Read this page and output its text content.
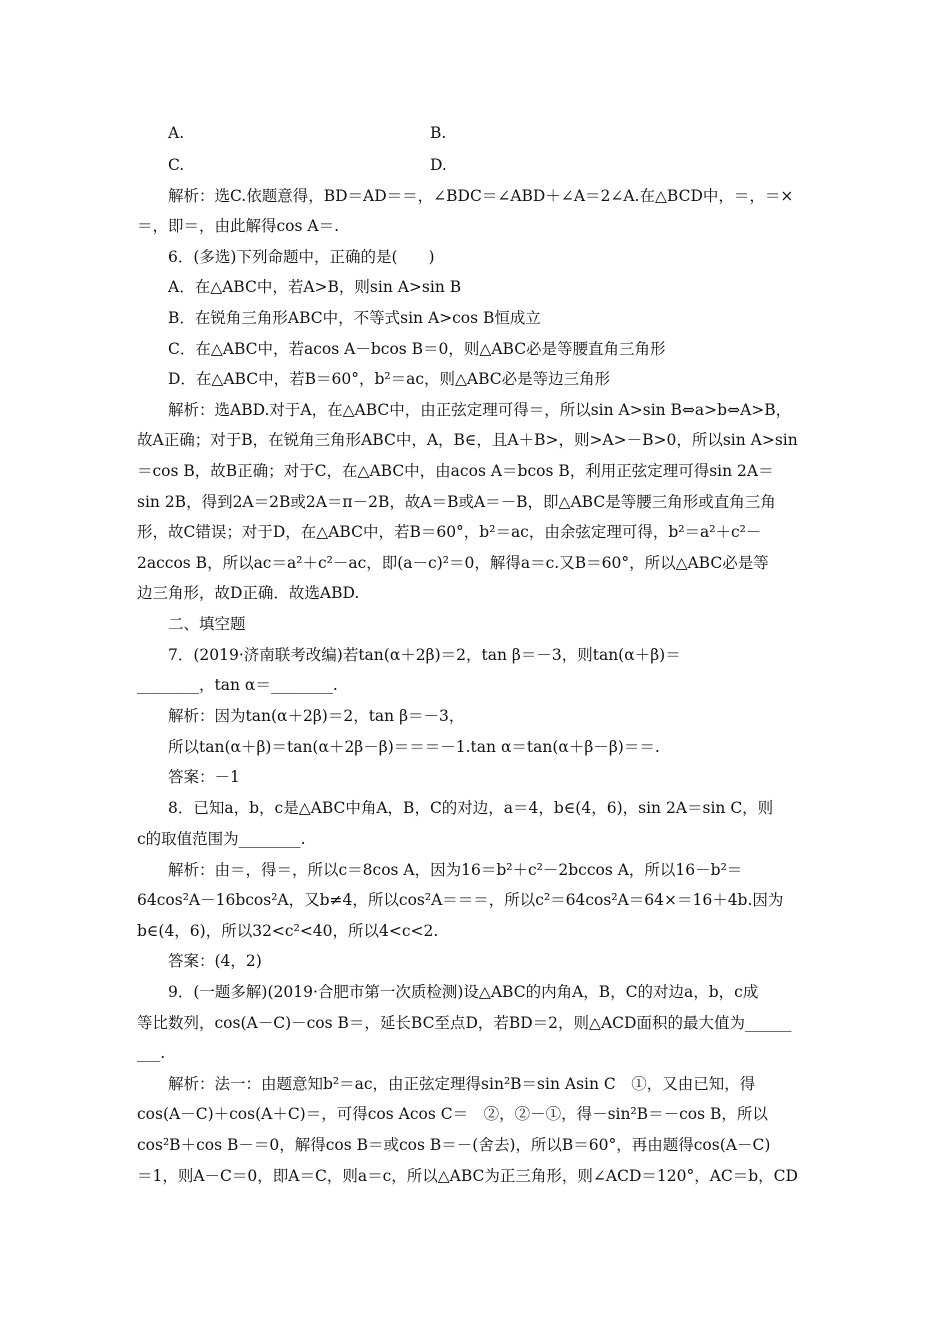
A.	B.
C.	D.
解析：选C.依题意得，BD＝AD＝＝，∠BDC＝∠ABD＋∠A＝2∠A.在△BCD中，＝，＝×
＝，即＝，由此解得cos A＝.
6．(多选)下列命题中，正确的是(　　)
A．在△ABC中，若A>B，则sin A>sin B
B．在锐角三角形ABC中，不等式sin A>cos B恒成立
C．在△ABC中，若acos A－bcos B＝0，则△ABC必是等腰直角三角形
D．在△ABC中，若B＝60°，b²＝ac，则△ABC必是等边三角形
解析：选ABD.对于A，在△ABC中，由正弦定理可得＝，所以sin A>sin B⇔a>b⇔A>B，
故A正确；对于B，在锐角三角形ABC中，A，B∈，且A＋B>，则>A>－B>0，所以sin A>sin
＝cos B，故B正确；对于C，在△ABC中，由acos A＝bcos B，利用正弦定理可得sin 2A＝
sin 2B，得到2A＝2B或2A＝π－2B，故A＝B或A＝－B，即△ABC是等腰三角形或直角三角
形，故C错误；对于D，在△ABC中，若B＝60°，b²＝ac，由余弦定理可得，b²＝a²＋c²－
2accos B，所以ac＝a²＋c²－ac，即(a－c)²＝0，解得a＝c.又B＝60°，所以△ABC必是等
边三角形，故D正确．故选ABD.
二、填空题
7．(2019·济南联考改编)若tan(α＋2β)＝2，tan β＝－3，则tan(α＋β)＝
________，tan α＝________.
解析：因为tan(α＋2β)＝2，tan β＝－3，
所以tan(α＋β)＝tan(α＋2β－β)＝＝＝－1.tan α＝tan(α＋β－β)＝＝.
答案：－1
8．已知a，b，c是△ABC中角A，B，C的对边，a＝4，b∈(4，6)，sin 2A＝sin C，则
c的取值范围为________.
解析：由＝，得＝，所以c＝8cos A，因为16＝b²＋c²－2bccos A，所以16－b²＝
64cos²A－16bcos²A，又b≠4，所以cos²A＝＝＝，所以c²＝64cos²A＝64×＝16＋4b.因为
b∈(4，6)，所以32<c²<40，所以4<c<2.
答案：(4，2)
9．(一题多解)(2019·合肥市第一次质检测)设△ABC的内角A，B，C的对边a，b，c成
等比数列，cos(A－C)－cos B＝，延长BC至点D，若BD＝2，则△ACD面积的最大值为______
___.
解析：法一：由题意知b²＝ac，由正弦定理得sin²B＝sin Asin C　①，又由已知，得
cos(A－C)＋cos(A＋C)＝，可得cos Acos C＝　②，②－①，得－sin²B＝－cos B，所以
cos²B＋cos B－＝0，解得cos B＝或cos B＝－(舍去)，所以B＝60°，再由题得cos(A－C)
＝1，则A－C＝0，即A＝C，则a＝c，所以△ABC为正三角形，则∠ACD＝120°，AC＝b，CD
